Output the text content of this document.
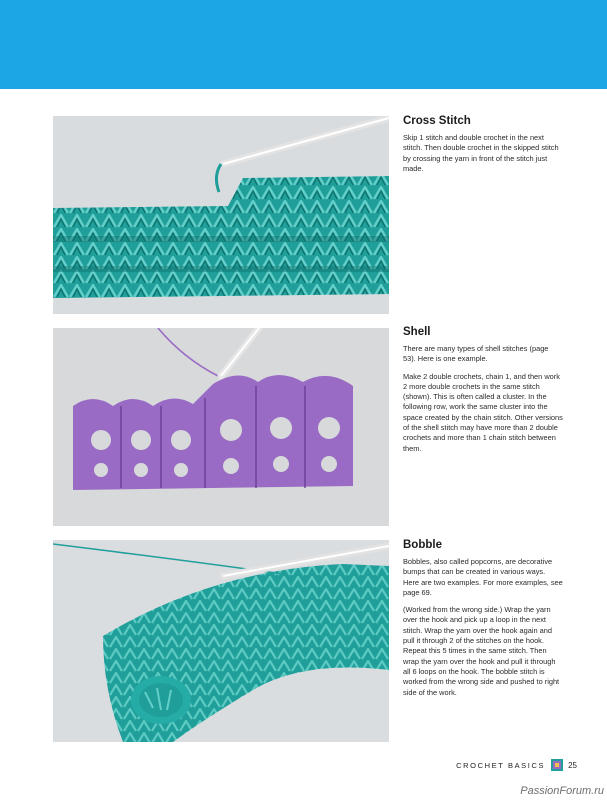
Cross Stitch

Skip 1 stitch and double crochet in the next stitch. Then double crochet in the skipped stitch by crossing the yarn in front of the stitch just made.

Shell

There are many types of shell stitches (page 53). Here is one example.

Make 2 double crochets, chain 1, and then work 2 more double crochets in the same stitch (shown). This is often called a cluster. In the following row, work the same cluster into the space created by the chain stitch. Other versions of the shell stitch may have more than 2 double crochets and more than 1 chain stitch between them.

Bobble

Bobbles, also called popcorns, are decorative bumps that can be created in various ways. Here are two examples. For more examples, see page 69.

(Worked from the wrong side.) Wrap the yarn over the hook and pick up a loop in the next stitch. Wrap the yarn over the hook again and pull it through 2 of the stitches on the hook. Repeat this 5 times in the same stitch. Then wrap the yarn over the hook and pull it through all 6 loops on the hook. The bobble stitch is worked from the wrong side and pushed to right side of the work.

CROCHET BASICS	25
PassionForum.ru
